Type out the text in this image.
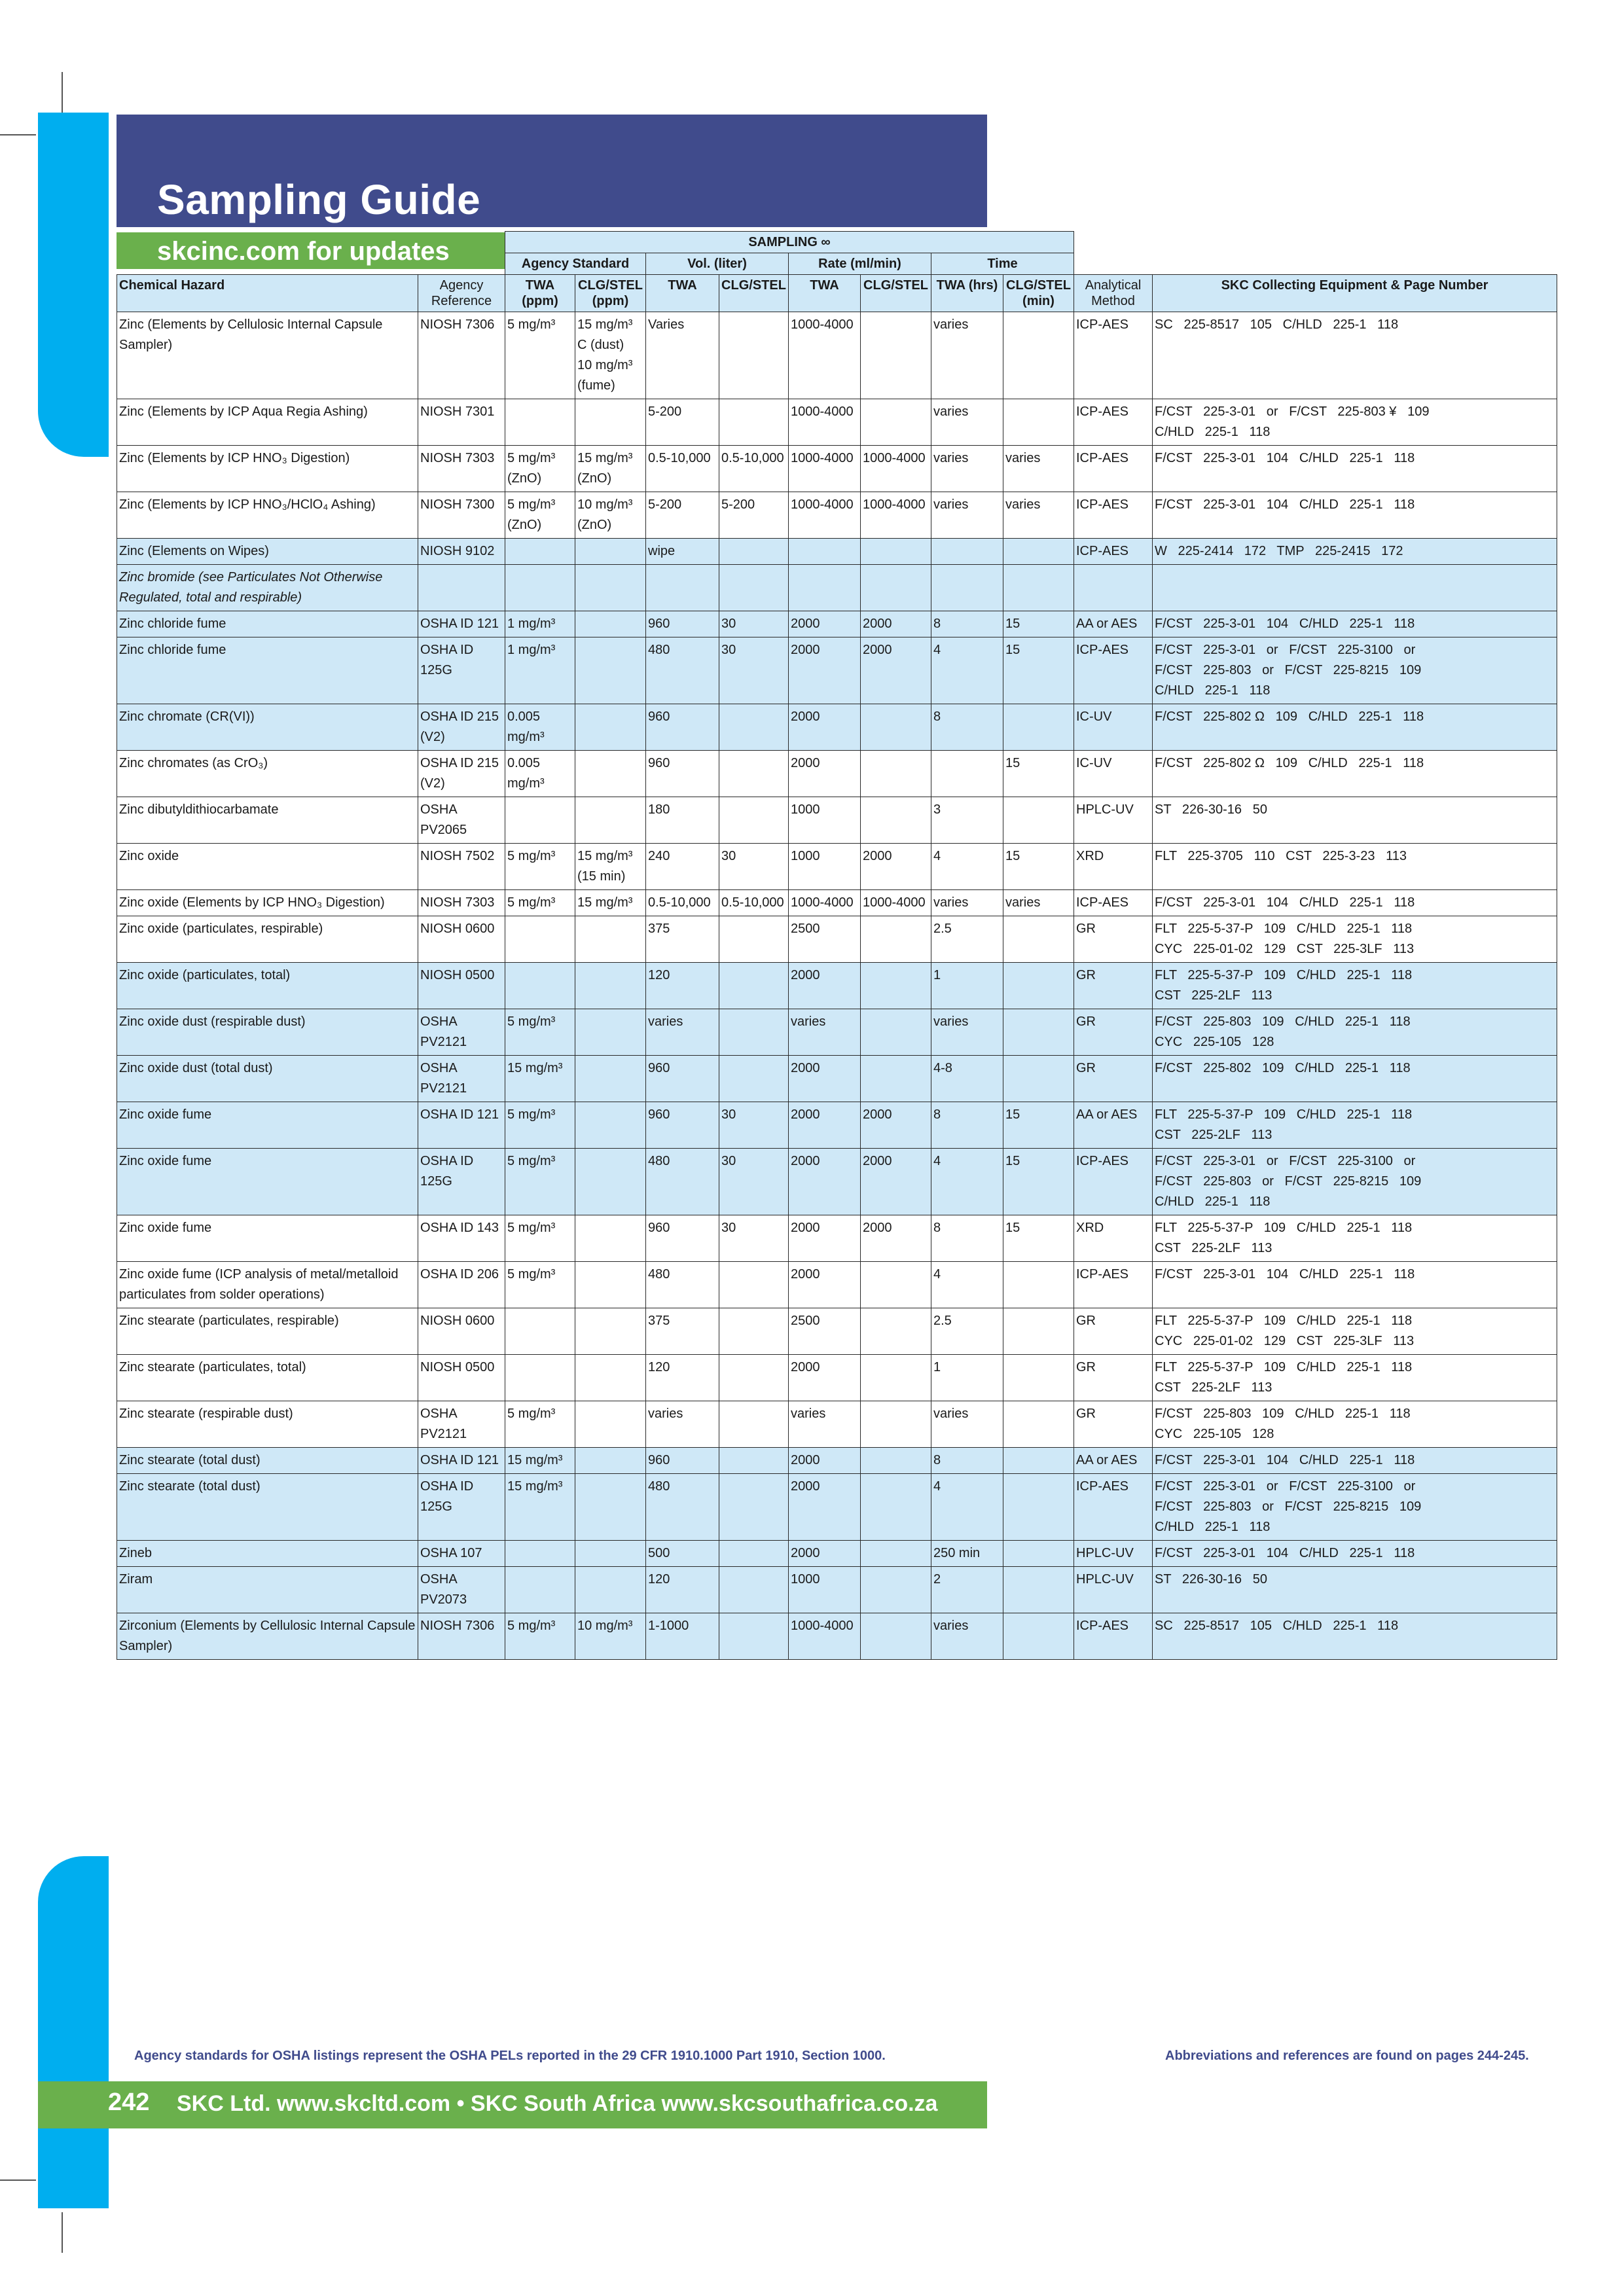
Sampling Guide
skcinc.com for updates
		SAMPLING ∞									
		Agency Standard		Vol. (liter)		Rate (ml/min)		Time			
Chemical Hazard	Agency Reference	TWA (ppm)	CLG/STEL (ppm)	TWA	CLG/STEL	TWA	CLG/STEL	TWA (hrs)	CLG/STEL (min)	Analytical Method	SKC Collecting Equipment & Page Number
Zinc (Elements by Cellulosic Internal Capsule Sampler)	NIOSH 7306	5 mg/m³	15 mg/m³
C (dust)
10 mg/m³
(fume)	Varies		1000-4000		varies		ICP-AES	SC   225-8517   105   C/HLD   225-1   118
Zinc (Elements by ICP Aqua Regia Ashing)	NIOSH 7301			5-200		1000-4000		varies		ICP-AES	F/CST   225-3-01   or   F/CST   225-803 ¥   109
C/HLD   225-1   118
Zinc (Elements by ICP HNO₃ Digestion)	NIOSH 7303	5 mg/m³
(ZnO)	15 mg/m³
(ZnO)	0.5-10,000	0.5-10,000	1000-4000	1000-4000	varies	varies	ICP-AES	F/CST   225-3-01   104   C/HLD   225-1   118
Zinc (Elements by ICP HNO₃/HClO₄ Ashing)	NIOSH 7300	5 mg/m³
(ZnO)	10 mg/m³
(ZnO)	5-200	5-200	1000-4000	1000-4000	varies	varies	ICP-AES	F/CST   225-3-01   104   C/HLD   225-1   118
Zinc (Elements on Wipes)	NIOSH 9102			wipe						ICP-AES	W   225-2414   172   TMP   225-2415   172
Zinc bromide (see Particulates Not Otherwise Regulated, total and respirable)											
Zinc chloride fume	OSHA ID 121	1 mg/m³		960	30	2000	2000	8	15	AA or AES	F/CST   225-3-01   104   C/HLD   225-1   118
Zinc chloride fume	OSHA ID 125G	1 mg/m³		480	30	2000	2000	4	15	ICP-AES	F/CST   225-3-01   or   F/CST   225-3100   or
F/CST   225-803   or   F/CST   225-8215   109
C/HLD   225-1   118
Zinc chromate (CR(VI))	OSHA ID 215 (V2)	0.005 mg/m³		960		2000		8		IC-UV	F/CST   225-802 Ω   109   C/HLD   225-1   118
Zinc chromates (as CrO₃)	OSHA ID 215 (V2)	0.005 mg/m³		960		2000			15	IC-UV	F/CST   225-802 Ω   109   C/HLD   225-1   118
Zinc dibutyldithiocarbamate	OSHA PV2065			180		1000		3		HPLC-UV	ST   226-30-16   50
Zinc oxide	NIOSH 7502	5 mg/m³	15 mg/m³
(15 min)	240	30	1000	2000	4	15	XRD	FLT   225-3705   110   CST   225-3-23   113
Zinc oxide (Elements by ICP HNO₃ Digestion)	NIOSH 7303	5 mg/m³	15 mg/m³	0.5-10,000	0.5-10,000	1000-4000	1000-4000	varies	varies	ICP-AES	F/CST   225-3-01   104   C/HLD   225-1   118
Zinc oxide (particulates, respirable)	NIOSH 0600			375		2500		2.5		GR	FLT   225-5-37-P   109   C/HLD   225-1   118
CYC   225-01-02   129   CST   225-3LF   113
Zinc oxide (particulates, total)	NIOSH 0500			120		2000		1		GR	FLT   225-5-37-P   109   C/HLD   225-1   118
CST   225-2LF   113
Zinc oxide dust (respirable dust)	OSHA PV2121	5 mg/m³		varies		varies		varies		GR	F/CST   225-803   109   C/HLD   225-1   118
CYC   225-105   128
Zinc oxide dust (total dust)	OSHA PV2121	15 mg/m³		960		2000		4-8		GR	F/CST   225-802   109   C/HLD   225-1   118
Zinc oxide fume	OSHA ID 121	5 mg/m³		960	30	2000	2000	8	15	AA or AES	FLT   225-5-37-P   109   C/HLD   225-1   118
CST   225-2LF   113
Zinc oxide fume	OSHA ID 125G	5 mg/m³		480	30	2000	2000	4	15	ICP-AES	F/CST   225-3-01   or   F/CST   225-3100   or
F/CST   225-803   or   F/CST   225-8215   109
C/HLD   225-1   118
Zinc oxide fume	OSHA ID 143	5 mg/m³		960	30	2000	2000	8	15	XRD	FLT   225-5-37-P   109   C/HLD   225-1   118
CST   225-2LF   113
Zinc oxide fume (ICP analysis of metal/metalloid particulates from solder operations)	OSHA ID 206	5 mg/m³		480		2000		4		ICP-AES	F/CST   225-3-01   104   C/HLD   225-1   118
Zinc stearate (particulates, respirable)	NIOSH 0600			375		2500		2.5		GR	FLT   225-5-37-P   109   C/HLD   225-1   118
CYC   225-01-02   129   CST   225-3LF   113
Zinc stearate (particulates, total)	NIOSH 0500			120		2000		1		GR	FLT   225-5-37-P   109   C/HLD   225-1   118
CST   225-2LF   113
Zinc stearate (respirable dust)	OSHA PV2121	5 mg/m³		varies		varies		varies		GR	F/CST   225-803   109   C/HLD   225-1   118
CYC   225-105   128
Zinc stearate (total dust)	OSHA ID 121	15 mg/m³		960		2000		8		AA or AES	F/CST   225-3-01   104   C/HLD   225-1   118
Zinc stearate (total dust)	OSHA ID 125G	15 mg/m³		480		2000		4		ICP-AES	F/CST   225-3-01   or   F/CST   225-3100   or
F/CST   225-803   or   F/CST   225-8215   109
C/HLD   225-1   118
Zineb	OSHA 107			500		2000		250 min		HPLC-UV	F/CST   225-3-01   104   C/HLD   225-1   118
Ziram	OSHA PV2073			120		1000		2		HPLC-UV	ST   226-30-16   50
Zirconium (Elements by Cellulosic Internal Capsule Sampler)	NIOSH 7306	5 mg/m³	10 mg/m³	1-1000		1000-4000		varies		ICP-AES	SC   225-8517   105   C/HLD   225-1   118
Agency standards for OSHA listings represent the OSHA PELs reported in the 29 CFR 1910.1000 Part 1910, Section 1000.	Abbreviations and references are found on pages 244-245.
242 SKC Ltd. www.skcltd.com • SKC South Africa www.skcsouthafrica.co.za
